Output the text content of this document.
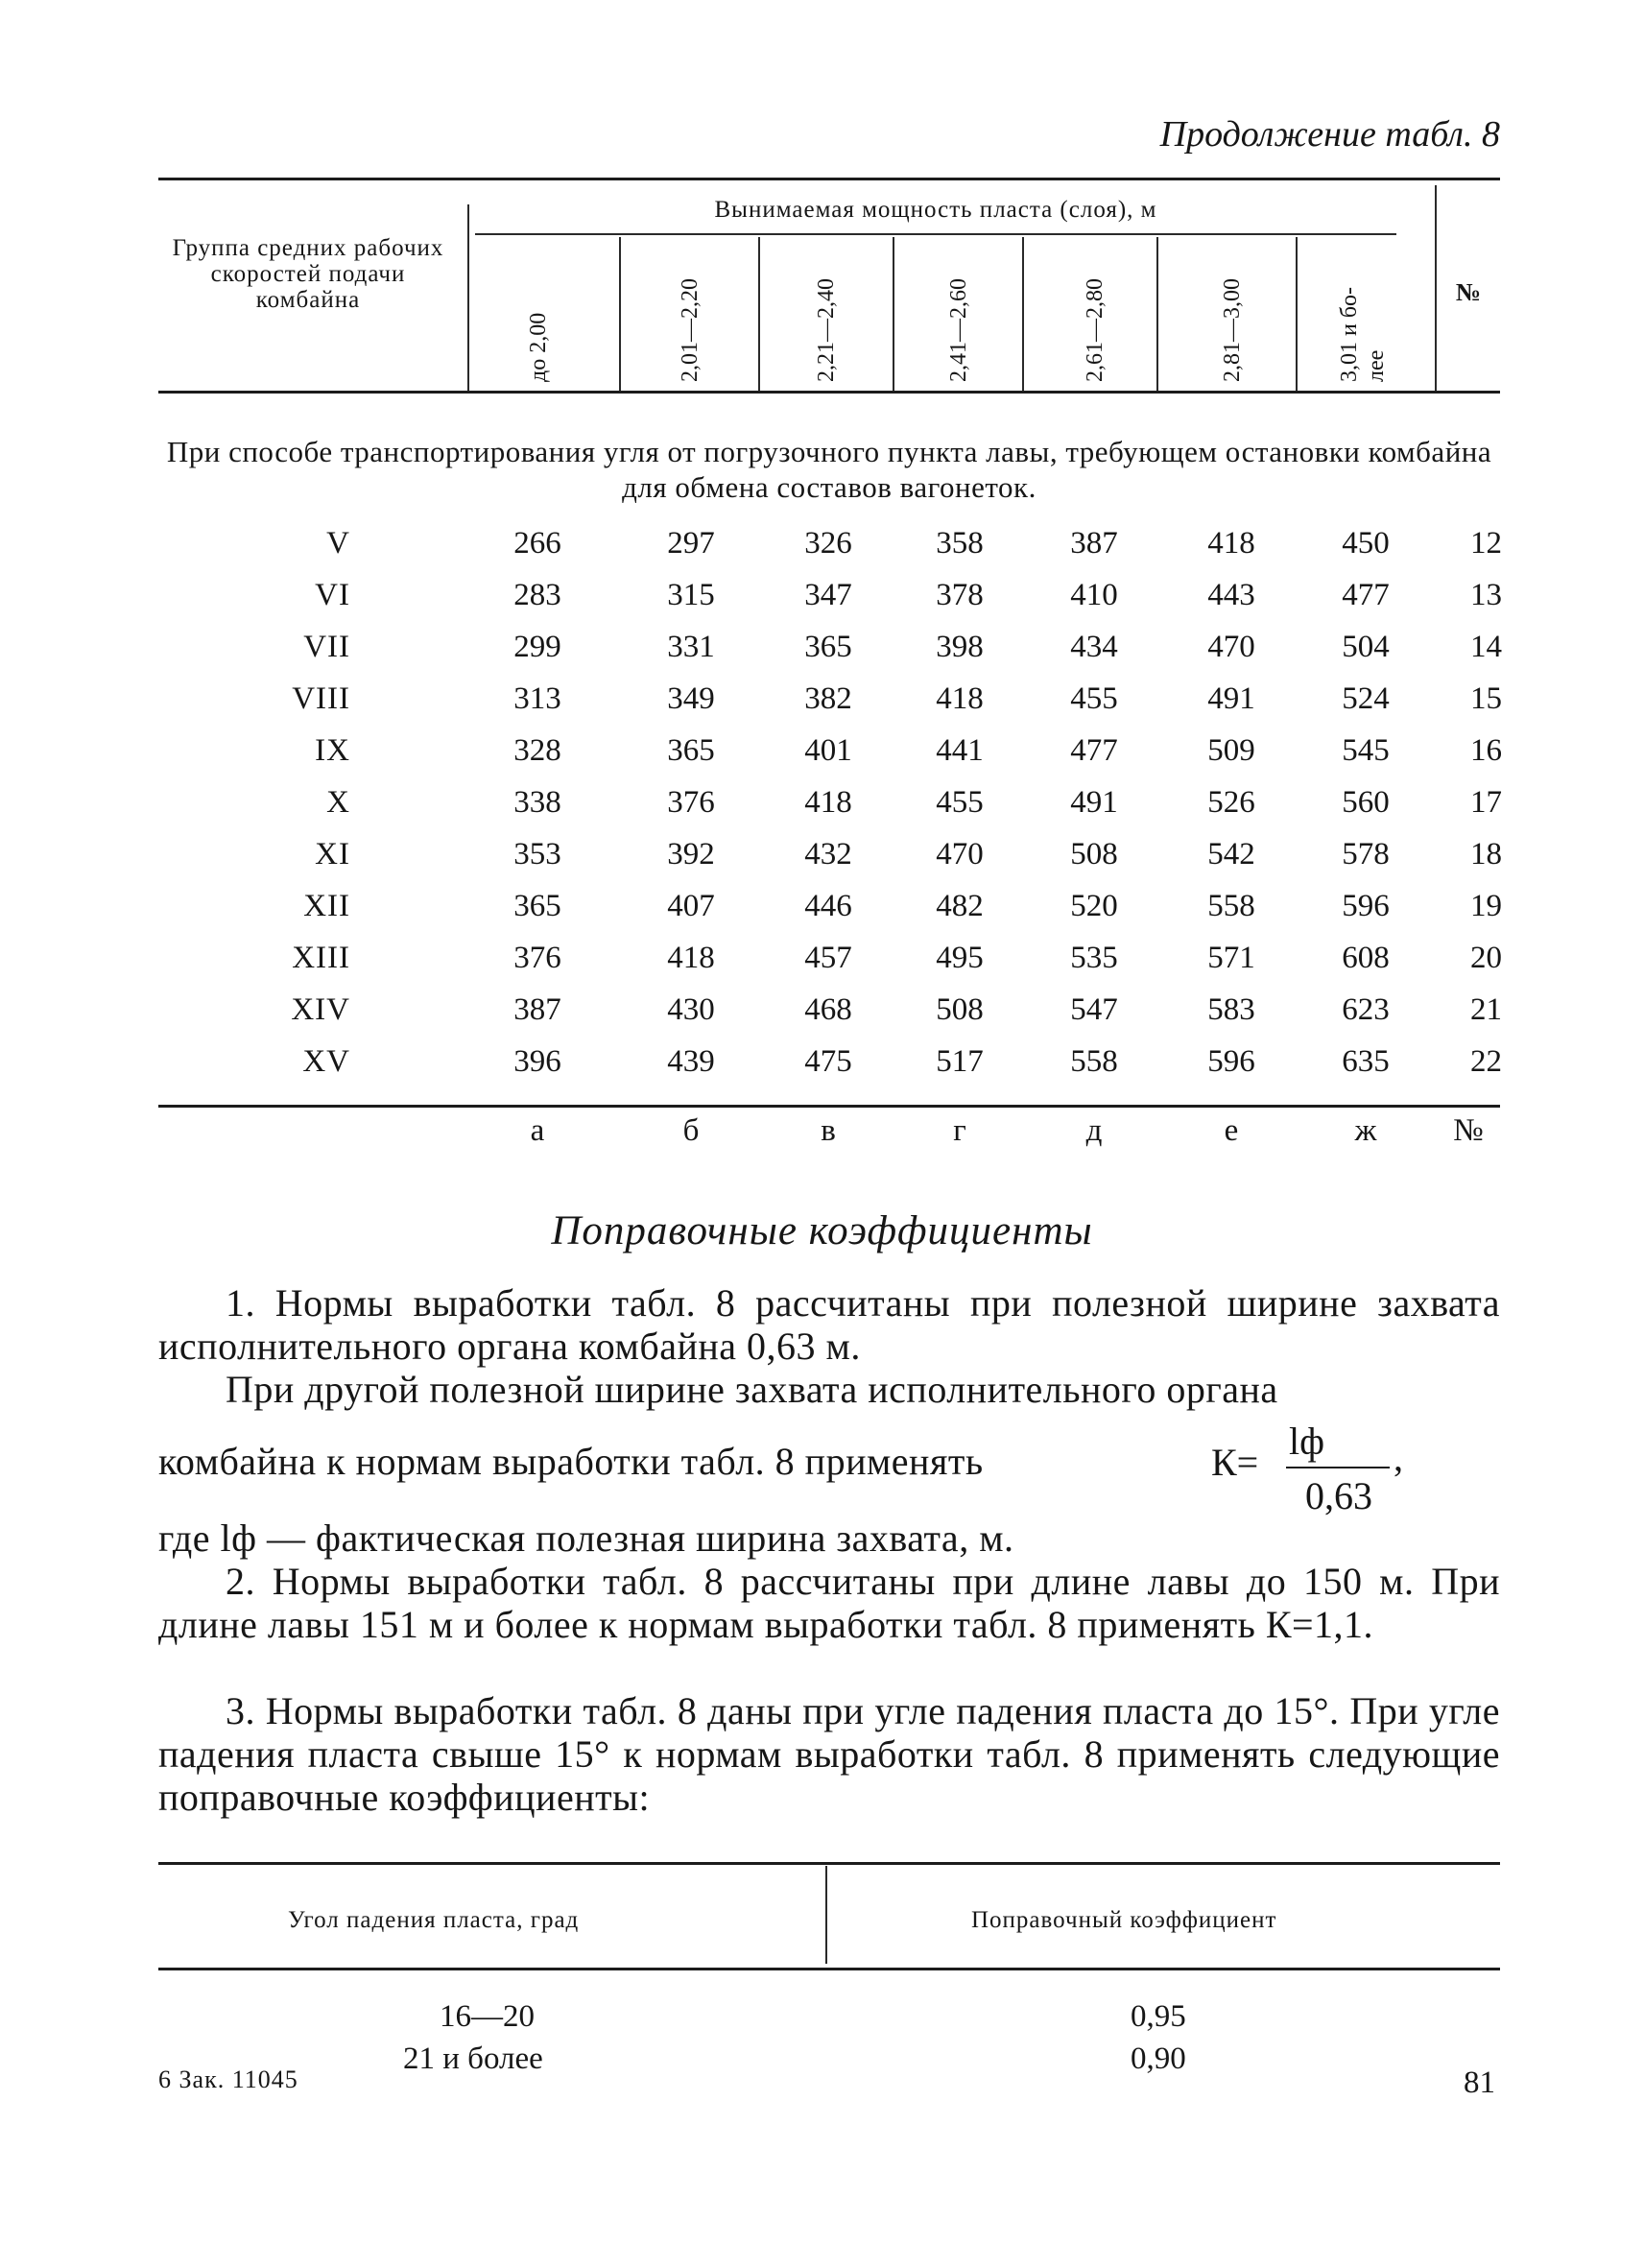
Продолжение табл. 8
Группа средних рабочих скоростей подачи комбайна
Вынимаемая мощность пласта (слоя), м
до 2,00	2,01—2,20	2,21—2,40	2,41—2,60	2,61—2,80	2,81—3,00	3,01 и бо- лее
№
При способе транспортирования угля от погрузочного пункта лавы, требующем остановки комбайна для обмена составов вагонеток.
V	266	297	326	358	387	418	450	12
VI	283	315	347	378	410	443	477	13
VII	299	331	365	398	434	470	504	14
VIII	313	349	382	418	455	491	524	15
IX	328	365	401	441	477	509	545	16
X	338	376	418	455	491	526	560	17
XI	353	392	432	470	508	542	578	18
XII	365	407	446	482	520	558	596	19
XIII	376	418	457	495	535	571	608	20
XIV	387	430	468	508	547	583	623	21
XV	396	439	475	517	558	596	635	22
а	б	в	г	д	е	ж	№
Поправочные коэффициенты
1. Нормы выработки табл. 8 рассчитаны при полезной ширине захвата исполнительного органа комбайна 0,63 м.
При другой полезной ширине захвата исполнительного органа
комбайна к нормам выработки табл. 8 применять	К= lф
0,63
,
где lф — фактическая полезная ширина захвата, м.
2. Нормы выработки табл. 8 рассчитаны при длине лавы до 150 м. При длине лавы 151 м и более к нормам выработки табл. 8 применять К=1,1.
3. Нормы выработки табл. 8 даны при угле падения пласта до 15°. При угле падения пласта свыше 15° к нормам выработки табл. 8 применять следующие поправочные коэффициенты:
Угол падения пласта, град	Поправочный коэффициент
16—20	0,95
21 и более	0,90
6 Зак. 11045	81
